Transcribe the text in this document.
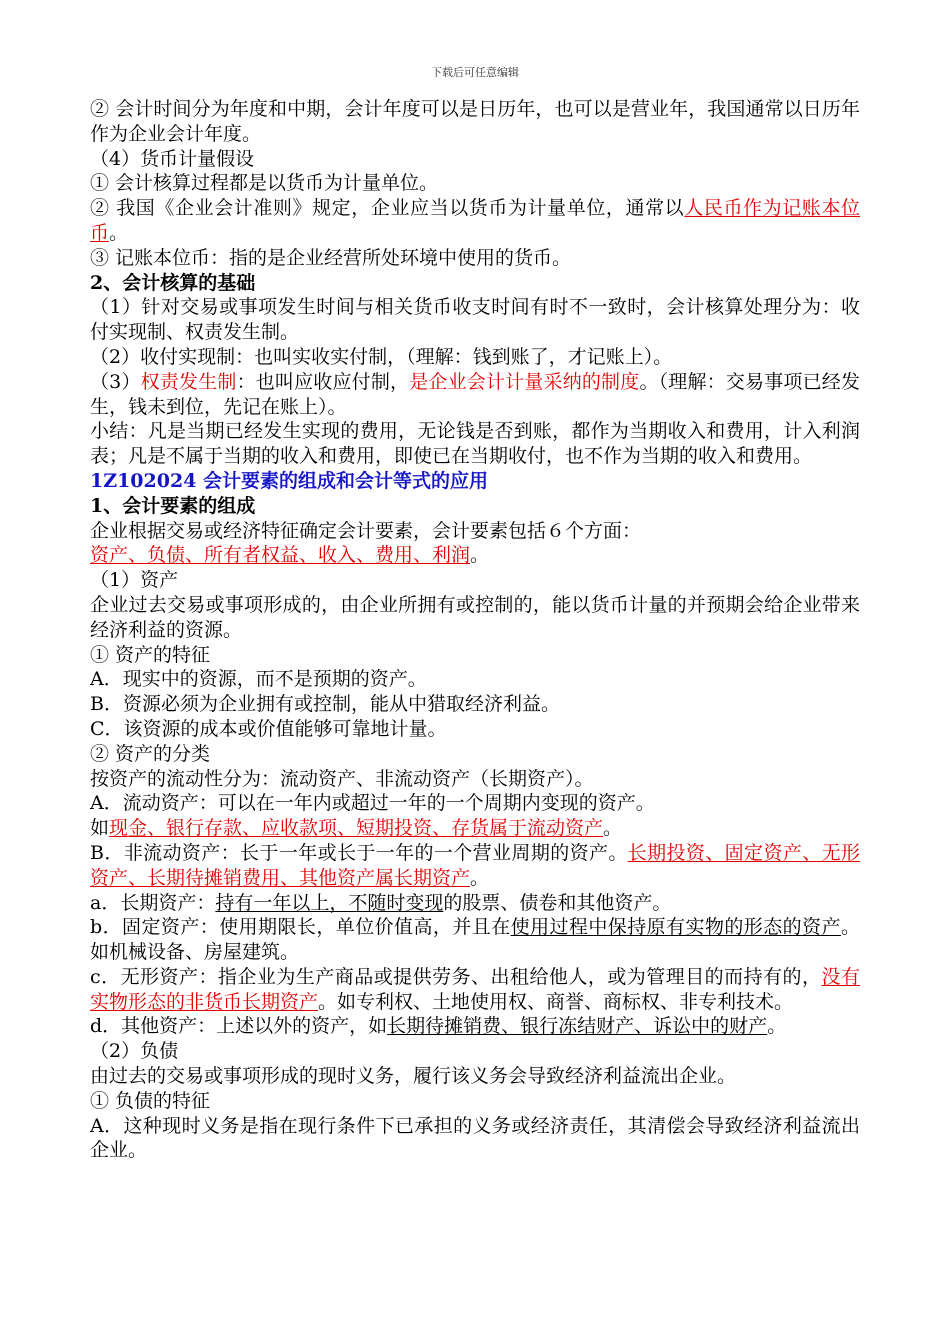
下载后可任意编辑

② 会计时间分为年度和中期，会计年度可以是日历年，也可以是营业年，我国通常以日历年作为企业会计年度。

（4）货币计量假设

① 会计核算过程都是以货币为计量单位。

② 我国《企业会计准则》规定，企业应当以货币为计量单位，通常以人民币作为记账本位币。

③ 记账本位币：指的是企业经营所处环境中使用的货币。

2、会计核算的基础

（1）针对交易或事项发生时间与相关货币收支时间有时不一致时，会计核算处理分为：收付实现制、权责发生制。

（2）收付实现制：也叫实收实付制，（理解：钱到账了，才记账上）。

（3）权责发生制：也叫应收应付制，是企业会计计量采纳的制度。（理解：交易事项已经发生，钱未到位，先记在账上）。

小结：凡是当期已经发生实现的费用，无论钱是否到账，都作为当期收入和费用，计入利润表；凡是不属于当期的收入和费用，即使已在当期收付，也不作为当期的收入和费用。

1Z102024 会计要素的组成和会计等式的应用

1、会计要素的组成

企业根据交易或经济特征确定会计要素，会计要素包括６个方面：

资产、负债、所有者权益、收入、费用、利润。

（1）资产

企业过去交易或事项形成的，由企业所拥有或控制的，能以货币计量的并预期会给企业带来经济利益的资源。

① 资产的特征

A．现实中的资源，而不是预期的资产。

B．资源必须为企业拥有或控制，能从中猎取经济利益。

C．该资源的成本或价值能够可靠地计量。

② 资产的分类

按资产的流动性分为：流动资产、非流动资产（长期资产）。

A．流动资产：可以在一年内或超过一年的一个周期内变现的资产。

如现金、银行存款、应收款项、短期投资、存货属于流动资产。

B．非流动资产：长于一年或长于一年的一个营业周期的资产。长期投资、固定资产、无形资产、长期待摊销费用、其他资产属长期资产。

a．长期资产：持有一年以上，不随时变现的股票、债卷和其他资产。

b．固定资产：使用期限长，单位价值高，并且在使用过程中保持原有实物的形态的资产。如机械设备、房屋建筑。

c．无形资产：指企业为生产商品或提供劳务、出租给他人，或为管理目的而持有的，没有实物形态的非货币长期资产。如专利权、土地使用权、商誉、商标权、非专利技术。

d．其他资产：上述以外的资产，如长期待摊销费、银行冻结财产、诉讼中的财产。

（2）负债

由过去的交易或事项形成的现时义务，履行该义务会导致经济利益流出企业。

① 负债的特征

A．这种现时义务是指在现行条件下已承担的义务或经济责任，其清偿会导致经济利益流出企业。
